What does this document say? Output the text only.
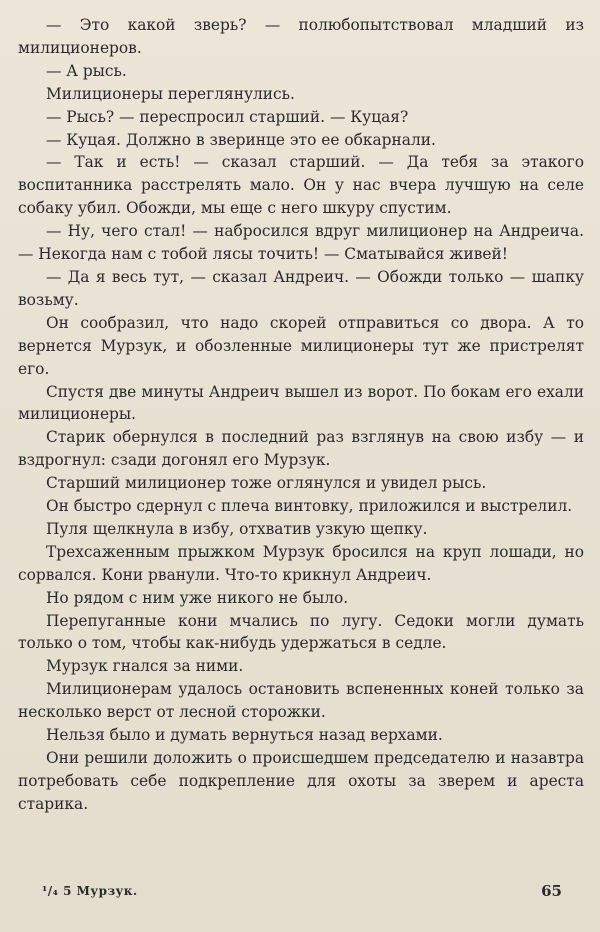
— Это какой зверь? — полюбопытствовал младший из милиционеров.

— А рысь.

Милиционеры переглянулись.

— Рысь? — переспросил старший. — Куцая?

— Куцая. Должно в зверинце это ее обкарнали.

— Так и есть! — сказал старший. — Да тебя за этакого воспитанника расстрелять мало. Он у нас вчера лучшую на селе собаку убил. Обожди, мы еще с него шкуру спустим.

— Ну, чего стал! — набросился вдруг милиционер на Андреича. — Некогда нам с тобой лясы точить! — Сматывайся живей!

— Да я весь тут, — сказал Андреич. — Обожди только — шапку возьму.

Он сообразил, что надо скорей отправиться со двора. А то вернется Мурзук, и обозленные милиционеры тут же пристрелят его.

Спустя две минуты Андреич вышел из ворот. По бокам его ехали милиционеры.

Старик обернулся в последний раз взглянув на свою избу — и вздрогнул: сзади догонял его Мурзук.

Старший милиционер тоже оглянулся и увидел рысь.

Он быстро сдернул с плеча винтовку, приложился и выстрелил.

Пуля щелкнула в избу, отхватив узкую щепку.

Трехсаженным прыжком Мурзук бросился на круп лошади, но сорвался. Кони рванули. Что-то крикнул Андреич.

Но рядом с ним уже никого не было.

Перепуганные кони мчались по лугу. Седоки могли думать только о том, чтобы как-нибудь удержаться в седле.

Мурзук гнался за ними.

Милиционерам удалось остановить вспененных коней только за несколько верст от лесной сторожки.

Нельзя было и думать вернуться назад верхами.

Они решили доложить о происшедшем председателю и назавтра потребовать себе подкрепление для охоты за зверем и ареста старика.

¹/₄ 5 Мурзук.	65
